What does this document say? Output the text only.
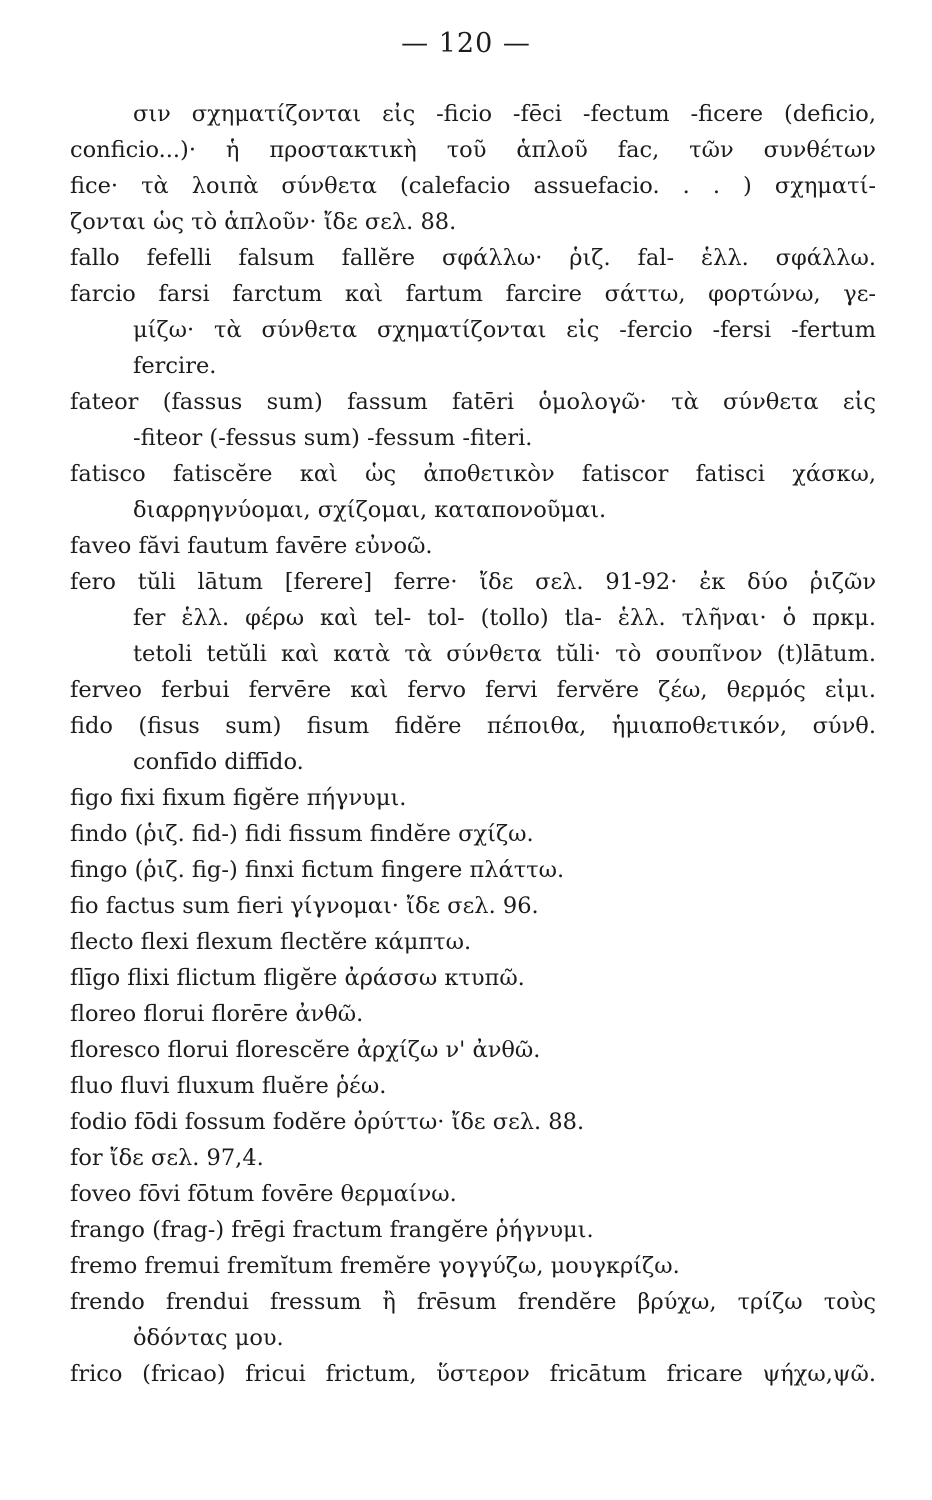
— 120 —
σιν σχηματίζονται εἰς -ficio -fēci -fectum -ficere (deficio,
conficio...)· ἡ προστακτικὴ τοῦ ἁπλοῦ fac, τῶν συνθέτων
fice· τὰ λοιπὰ σύνθετα (calefacio assuefacio. . . ) σχηματί-
ζονται ὡς τὸ ἁπλοῦν· ἴδε σελ. 88.
fallo fefelli falsum fallĕre σφάλλω· ῥιζ. fal- ἑλλ. σφάλλω.
farcio farsi farctum καὶ fartum farcire σάττω, φορτώνω, γε-
μίζω· τὰ σύνθετα σχηματίζονται εἰς -fercio -fersi -fertum
fercire.
fateor (fassus sum) fassum fatēri ὁμολογῶ· τὰ σύνθετα εἰς
-fiteor (-fessus sum) -fessum -fiteri.
fatisco fatiscĕre καὶ ὡς ἀποθετικὸν fatiscor fatisci χάσκω,
διαρρηγνύομαι, σχίζομαι, καταπονοῦμαι.
faveo făvi fautum favēre εὐνοῶ.
fero tŭli lātum [ferere] ferre· ἴδε σελ. 91-92· ἐκ δύο ῥιζῶν
fer ἑλλ. φέρω καὶ tel- tol- (tollo) tla- ἑλλ. τλῆναι· ὁ πρκμ.
tetoli tetŭli καὶ κατὰ τὰ σύνθετα tŭli· τὸ σουπῖνον (t)lātum.
ferveo ferbui fervēre καὶ fervo fervi fervĕre ζέω, θερμός εἰμι.
fido (fisus sum) fisum fidĕre πέποιθα, ἡμιαποθετικόν, σύνθ.
confīdo diffīdo.
figo fixi fixum figĕre πήγνυμι.
findo (ῥιζ. fid-) fidi fissum findĕre σχίζω.
fingo (ῥιζ. fig-) finxi fictum fingere πλάττω.
fio factus sum fieri γίγνομαι· ἴδε σελ. 96.
flecto flexi flexum flectĕre κάμπτω.
flīgo flixi flictum fligĕre ἀράσσω κτυπῶ.
floreo florui florēre ἀνθῶ.
floresco florui florescĕre ἀρχίζω ν' ἀνθῶ.
fluo fluvi fluxum fluĕre ῥέω.
fodio fōdi fossum fodĕre ὀρύττω· ἴδε σελ. 88.
for ἴδε σελ. 97,4.
foveo fōvi fōtum fovēre θερμαίνω.
frango (frag-) frēgi fractum frangĕre ῥήγνυμι.
fremo fremui fremĭtum fremĕre γογγύζω, μουγκρίζω.
frendo frendui fressum ἢ frēsum frendĕre βρύχω, τρίζω τοὺς
ὀδόντας μου.
frico (fricao) fricui frictum, ὕστερον fricātum fricare ψήχω,ψῶ.
